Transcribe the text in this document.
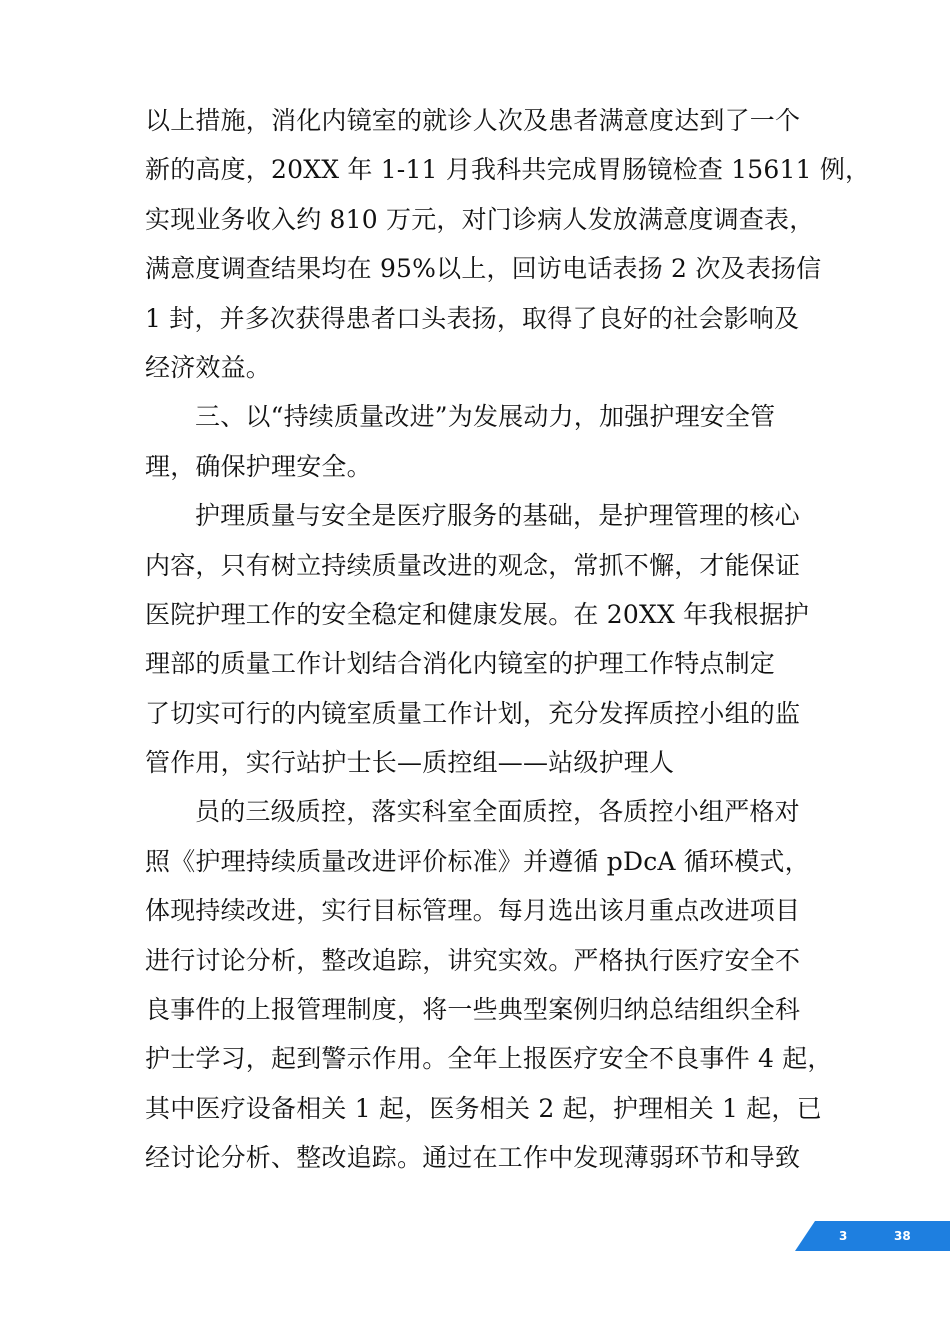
以上措施，消化内镜室的就诊人次及患者满意度达到了一个
新的高度，20XX 年 1-11 月我科共完成胃肠镜检查 15611 例，
实现业务收入约 810 万元，对门诊病人发放满意度调查表，
满意度调查结果均在 95%以上，回访电话表扬 2 次及表扬信
1 封，并多次获得患者口头表扬，取得了良好的社会影响及
经济效益。
三、以“持续质量改进”为发展动力，加强护理安全管
理，确保护理安全。
护理质量与安全是医疗服务的基础，是护理管理的核心
内容，只有树立持续质量改进的观念，常抓不懈，才能保证
医院护理工作的安全稳定和健康发展。在 20XX 年我根据护
理部的质量工作计划结合消化内镜室的护理工作特点制定
了切实可行的内镜室质量工作计划，充分发挥质控小组的监
管作用，实行站护士长—质控组——站级护理人
员的三级质控，落实科室全面质控，各质控小组严格对
照《护理持续质量改进评价标准》并遵循 pDcA 循环模式，
体现持续改进，实行目标管理。每月选出该月重点改进项目
进行讨论分析，整改追踪，讲究实效。严格执行医疗安全不
良事件的上报管理制度，将一些典型案例归纳总结组织全科
护士学习，起到警示作用。全年上报医疗安全不良事件 4 起，
其中医疗设备相关 1 起，医务相关 2 起，护理相关 1 起，已
经讨论分析、整改追踪。通过在工作中发现薄弱环节和导致
3	38
